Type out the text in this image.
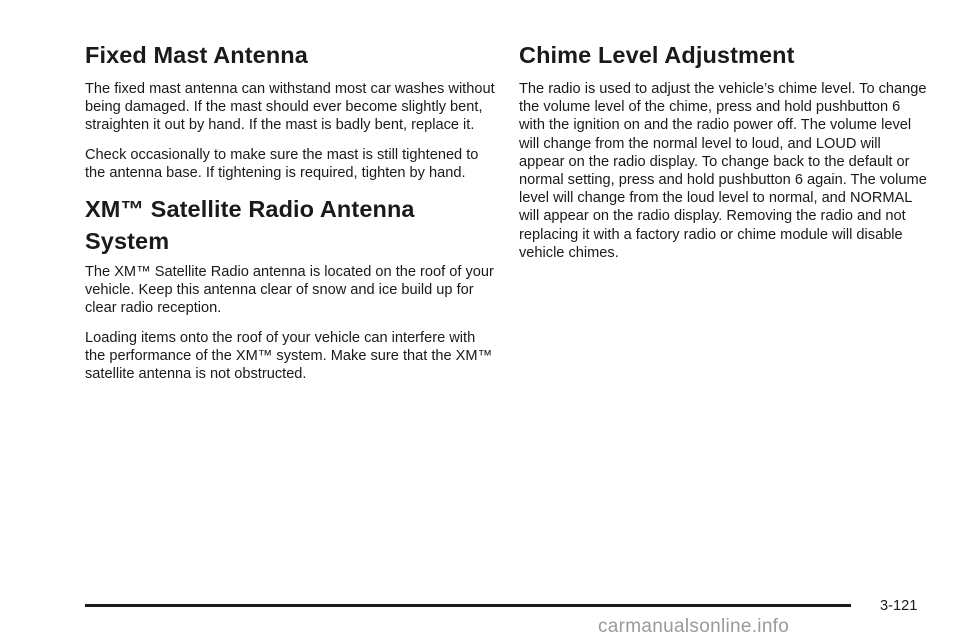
Fixed Mast Antenna

The fixed mast antenna can withstand most car washes without being damaged. If the mast should ever become slightly bent, straighten it out by hand. If the mast is badly bent, replace it.

Check occasionally to make sure the mast is still tightened to the antenna base. If tightening is required, tighten by hand.

XM™ Satellite Radio Antenna System

The XM™ Satellite Radio antenna is located on the roof of your vehicle. Keep this antenna clear of snow and ice build up for clear radio reception.

Loading items onto the roof of your vehicle can interfere with the performance of the XM™ system. Make sure that the XM™ satellite antenna is not obstructed.

Chime Level Adjustment

The radio is used to adjust the vehicle’s chime level. To change the volume level of the chime, press and hold pushbutton 6 with the ignition on and the radio power off. The volume level will change from the normal level to loud, and LOUD will appear on the radio display. To change back to the default or normal setting, press and hold pushbutton 6 again. The volume level will change from the loud level to normal, and NORMAL will appear on the radio display. Removing the radio and not replacing it with a factory radio or chime module will disable vehicle chimes.

3-121
carmanualsonline.info
